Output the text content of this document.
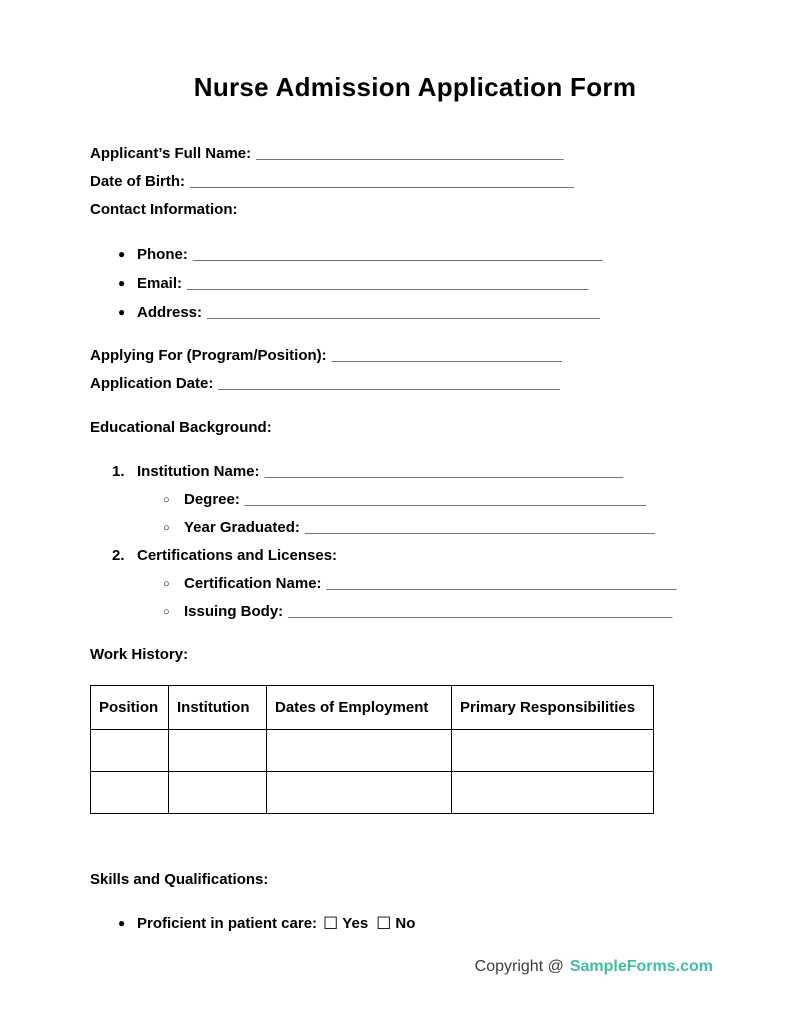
Nurse Admission Application Form
Applicant’s Full Name: ____________________________________
Date of Birth: _____________________________________________
Contact Information:
● Phone: ________________________________________________
● Email: _______________________________________________
● Address: ______________________________________________
Applying For (Program/Position): ___________________________
Application Date: ________________________________________
Educational Background:
1. Institution Name: __________________________________________
○ Degree: _______________________________________________
○ Year Graduated: _________________________________________
2. Certifications and Licenses:
○ Certification Name: _________________________________________
○ Issuing Body: _____________________________________________
Work History:
Position	Institution	Dates of Employment	Primary Responsibilities

Skills and Qualifications:
● Proficient in patient care: ☐ Yes ☐ No
Copyright @ SampleForms.com
